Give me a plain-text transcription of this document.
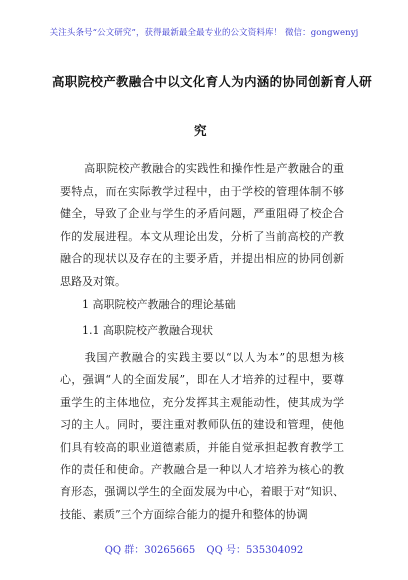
关注头条号“公文研究”，获得最新最全最专业的公文资料库！ 微信：gongwenyj
高职院校产教融合中以文化育人为内涵的协同创新育人研
究
高职院校产教融合的实践性和操作性是产教融合的重要特点，而在实际教学过程中，由于学校的管理体制不够健全，导致了企业与学生的矛盾问题，严重阻碍了校企合作的发展进程。本文从理论出发，分析了当前高校的产教融合的现状以及存在的主要矛盾，并提出相应的协同创新思路及对策。
1 高职院校产教融合的理论基础
1.1 高职院校产教融合现状
我国产教融合的实践主要以“以人为本”的思想为核心，强调“人的全面发展”，即在人才培养的过程中，要尊重学生的主体地位，充分发挥其主观能动性，使其成为学习的主人。同时，要注重对教师队伍的建设和管理，使他们具有较高的职业道德素质，并能自觉承担起教育教学工作的责任和使命。产教融合是一种以人才培养为核心的教育形态，强调以学生的全面发展为中心，着眼于对“知识、技能、素质”三个方面综合能力的提升和整体的协调
QQ 群：30265665 QQ 号：535304092
